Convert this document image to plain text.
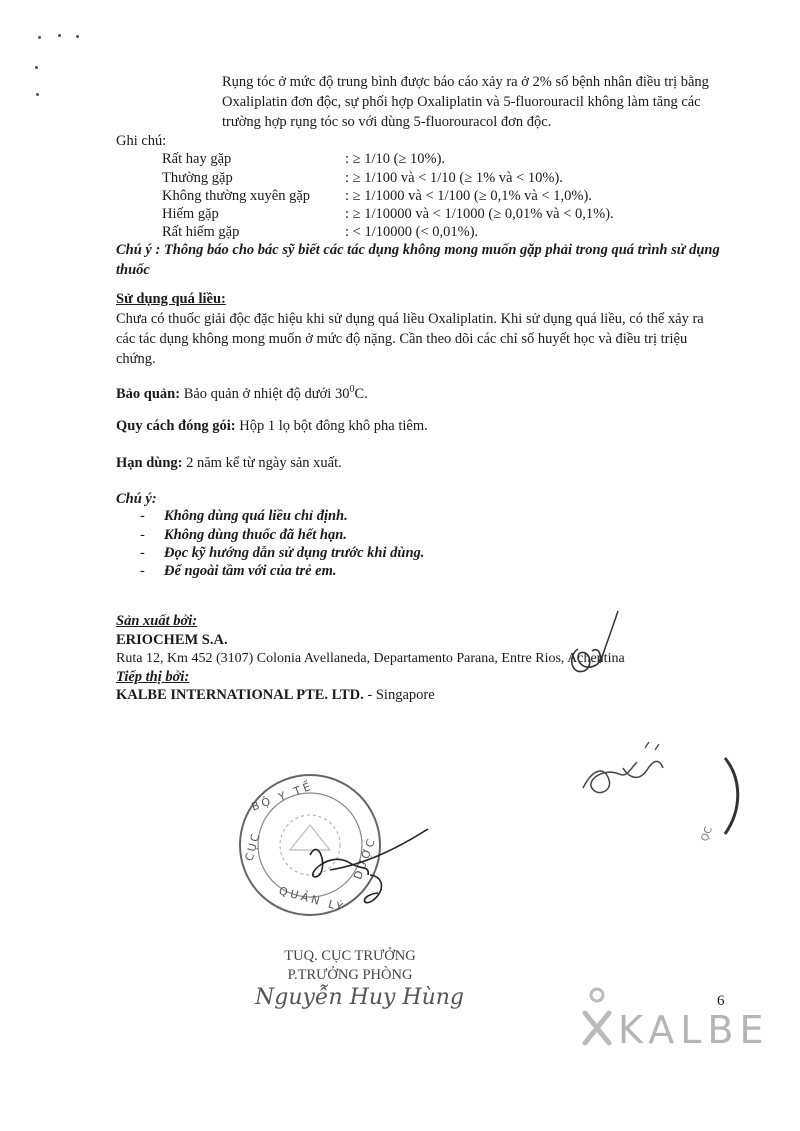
Rụng tóc ở mức độ trung bình được báo cáo xảy ra ở 2% số bệnh nhân điều trị bằng Oxaliplatin đơn độc, sự phối hợp Oxaliplatin và 5-fluorouracil không làm tăng các trường hợp rụng tóc so với dùng 5-fluorouracol đơn độc.
Ghi chú:
Rất hay gặp	: ≥ 1/10 (≥ 10%).
Thường gặp	: ≥ 1/100 và < 1/10 (≥ 1% và < 10%).
Không thường xuyên gặp : ≥ 1/1000 và < 1/100 (≥ 0,1% và < 1,0%).
Hiếm gặp	: ≥ 1/10000 và < 1/1000 (≥ 0,01% và < 0,1%).
Rất hiếm gặp	: < 1/10000 (< 0,01%).
Chú ý : Thông báo cho bác sỹ biết các tác dụng không mong muốn gặp phải trong quá trình sử dụng thuốc
Sử dụng quá liều:
Chưa có thuốc giải độc đặc hiệu khi sử dụng quá liều Oxaliplatin. Khi sử dụng quá liều, có thể xảy ra các tác dụng không mong muốn ở mức độ nặng. Cần theo dõi các chỉ số huyết học và điều trị triệu chứng.
Bảo quản: Bảo quản ở nhiệt độ dưới $30^0C$.
Quy cách đóng gói: Hộp 1 lọ bột đông khô pha tiêm.
Hạn dùng: 2 năm kể từ ngày sản xuất.
Chú ý:
- Không dùng quá liều chỉ định.
- Không dùng thuốc đã hết hạn.
- Đọc kỹ hướng dẫn sử dụng trước khi dùng.
- Để ngoài tầm với của trẻ em.
Sản xuất bởi:
ERIOCHEM S.A.
Ruta 12, Km 452 (3107) Colonia Avellaneda, Departamento Parana, Entre Rios, Achentina
Tiếp thị bởi:
KALBE INTERNATIONAL PTE. LTD. - Singapore
ỌC
BỘ Y TẾ
CỤC
QUẢN LÝ
DƯỢC
TUQ. CỤC TRƯỞNG
P.TRƯỞNG PHÒNG
Nguyễn Huy Hùng	6
KALBE
